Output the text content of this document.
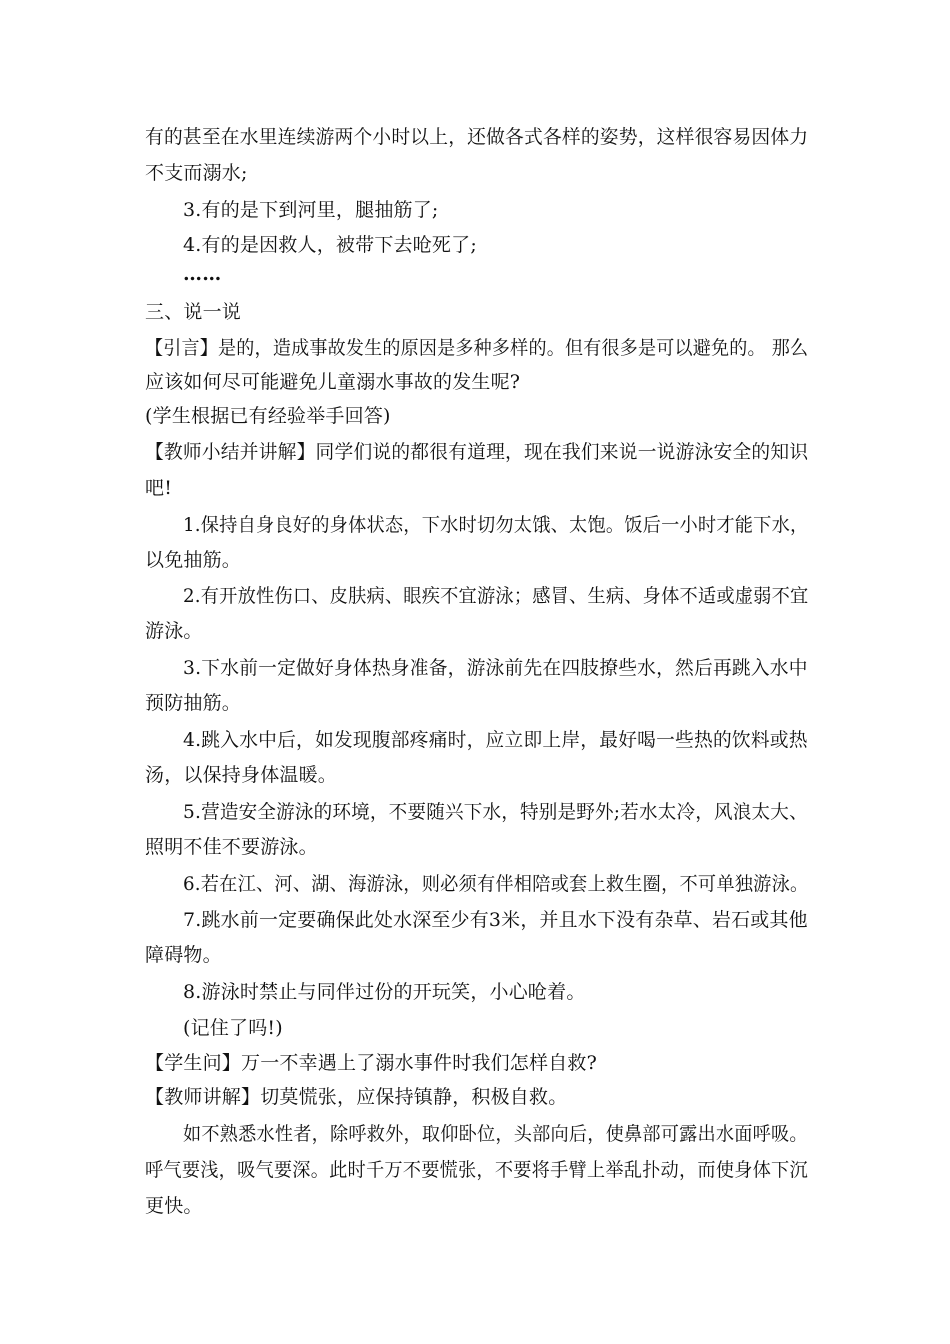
有的甚至在水里连续游两个小时以上，还做各式各样的姿势，这样很容易因体力
不支而溺水;
3.有的是下到河里，腿抽筋了;
4.有的是因救人，被带下去呛死了;
……
三、说一说
【引言】是的，造成事故发生的原因是多种多样的。但有很多是可以避免的。 那么
应该如何尽可能避免儿童溺水事故的发生呢?
(学生根据已有经验举手回答)
【教师小结并讲解】同学们说的都很有道理，现在我们来说一说游泳安全的知识
吧!
1.保持自身良好的身体状态，下水时切勿太饿、太饱。饭后一小时才能下水，
以免抽筋。
2.有开放性伤口、皮肤病、眼疾不宜游泳；感冒、生病、身体不适或虚弱不宜
游泳。
3.下水前一定做好身体热身准备，游泳前先在四肢撩些水，然后再跳入水中
预防抽筋。
4.跳入水中后，如发现腹部疼痛时，应立即上岸，最好喝一些热的饮料或热
汤，以保持身体温暖。
5.营造安全游泳的环境，不要随兴下水，特别是野外;若水太冷，风浪太大、
照明不佳不要游泳。
6.若在江、河、湖、海游泳，则必须有伴相陪或套上救生圈，不可单独游泳。
7.跳水前一定要确保此处水深至少有3米，并且水下没有杂草、岩石或其他
障碍物。
8.游泳时禁止与同伴过份的开玩笑，小心呛着。
(记住了吗!)
【学生问】万一不幸遇上了溺水事件时我们怎样自救?
【教师讲解】切莫慌张，应保持镇静，积极自救。
如不熟悉水性者，除呼救外，取仰卧位，头部向后，使鼻部可露出水面呼吸。
呼气要浅，吸气要深。此时千万不要慌张，不要将手臂上举乱扑动，而使身体下沉
更快。
